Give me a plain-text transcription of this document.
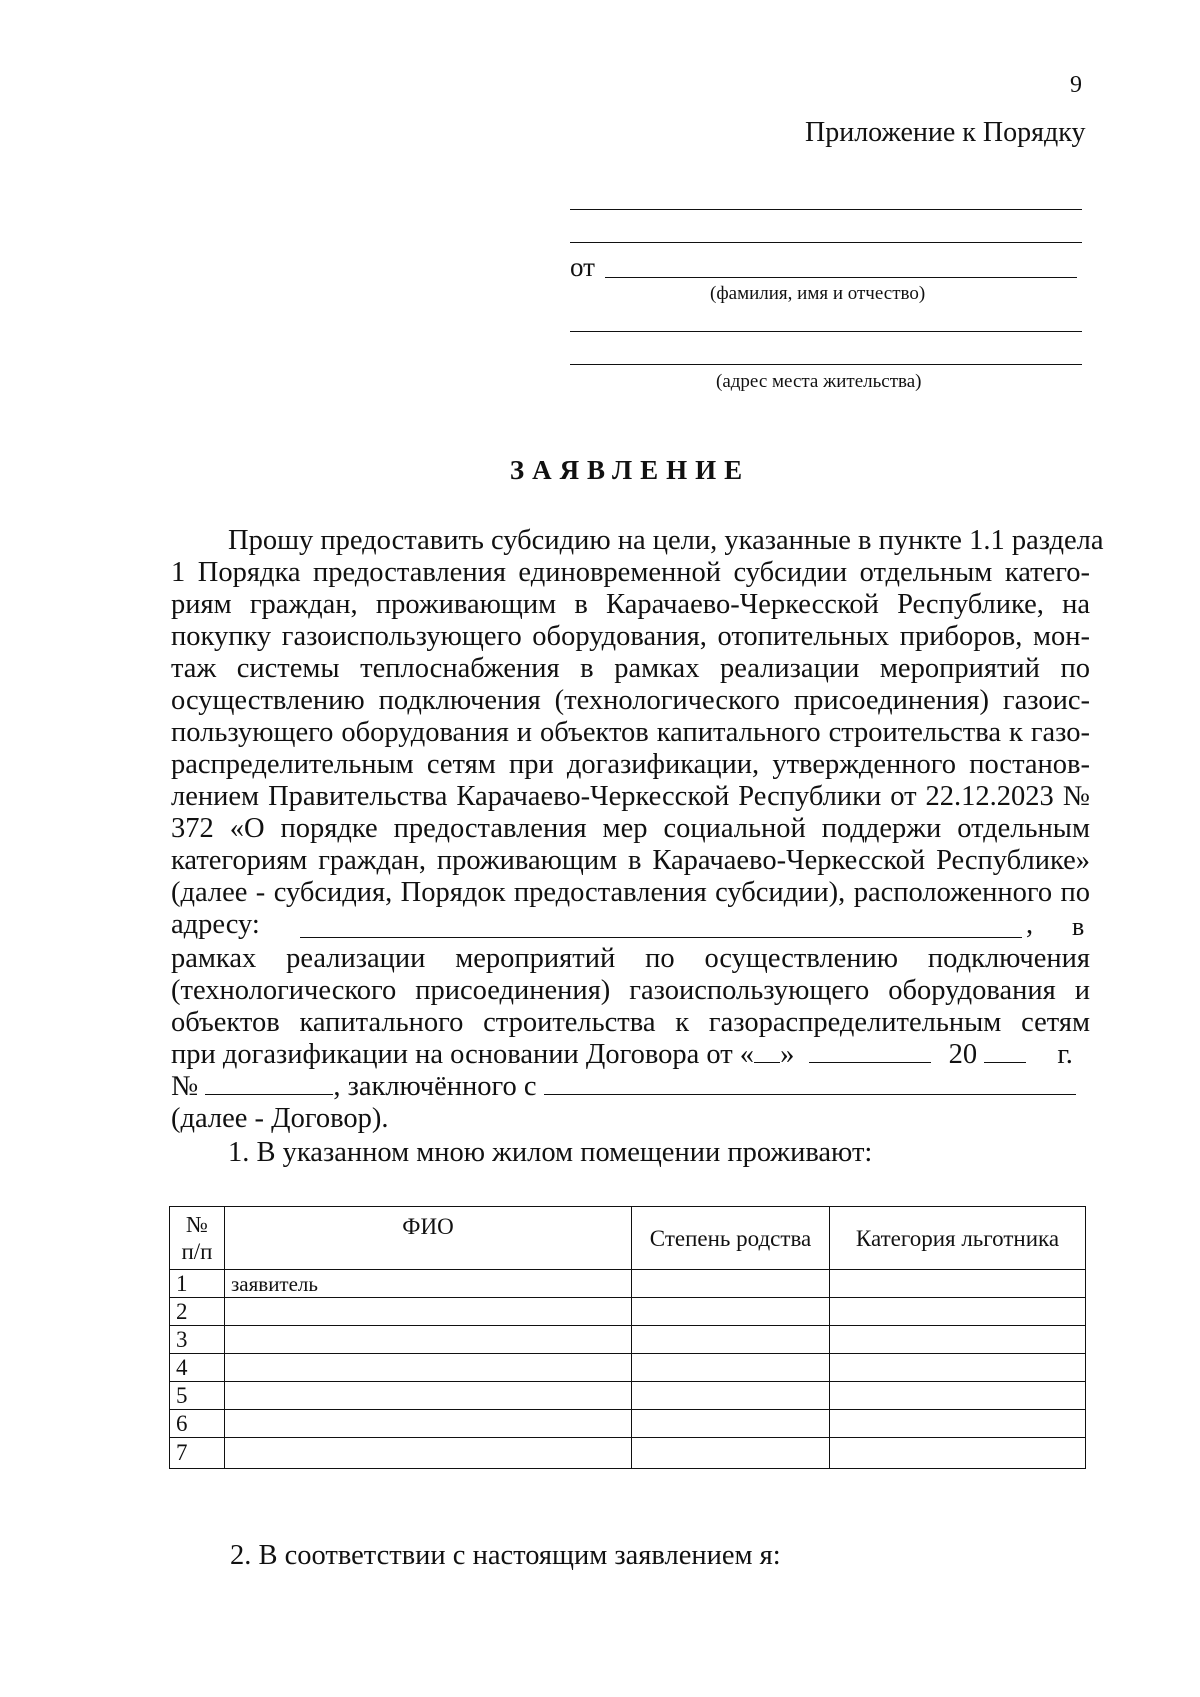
9
Приложение к Порядку
от
(фамилия, имя и отчество)
(адрес места жительства)
ЗАЯВЛЕНИЕ
Прошу предоставить субсидию на цели, указанные в пункте 1.1 раздела
1 Порядка предоставления единовременной субсидии отдельным катего-
риям граждан, проживающим в Карачаево-Черкесской Республике, на
покупку газоиспользующего оборудования, отопительных приборов, мон-
таж системы теплоснабжения в рамках реализации мероприятий по
осуществлению подключения (технологического присоединения) газоис-
пользующего оборудования и объектов капитального строительства к газо-
распределительным сетям при догазификации, утвержденного постанов-
лением Правительства Карачаево-Черкесской Республики от 22.12.2023 №
372 «О порядке предоставления мер социальной поддержи отдельным
категориям граждан, проживающим в Карачаево-Черкесской Республике»
(далее - субсидия, Порядок предоставления субсидии), расположенного по
адресу:	, в
рамках реализации мероприятий по осуществлению подключения
(технологического присоединения) газоиспользующего оборудования и
объектов капитального строительства к газораспределительным сетям
при догазификации на основании Договора от « »	20	г.
№	, заключённого с
(далее - Договор).
1. В указанном мною жилом помещении проживают:
№ п/п	ФИО	Степень родства	Категория льготника
1	заявитель		
2			
3			
4			
5			
6			
7			
2. В соответствии с настоящим заявлением я:
